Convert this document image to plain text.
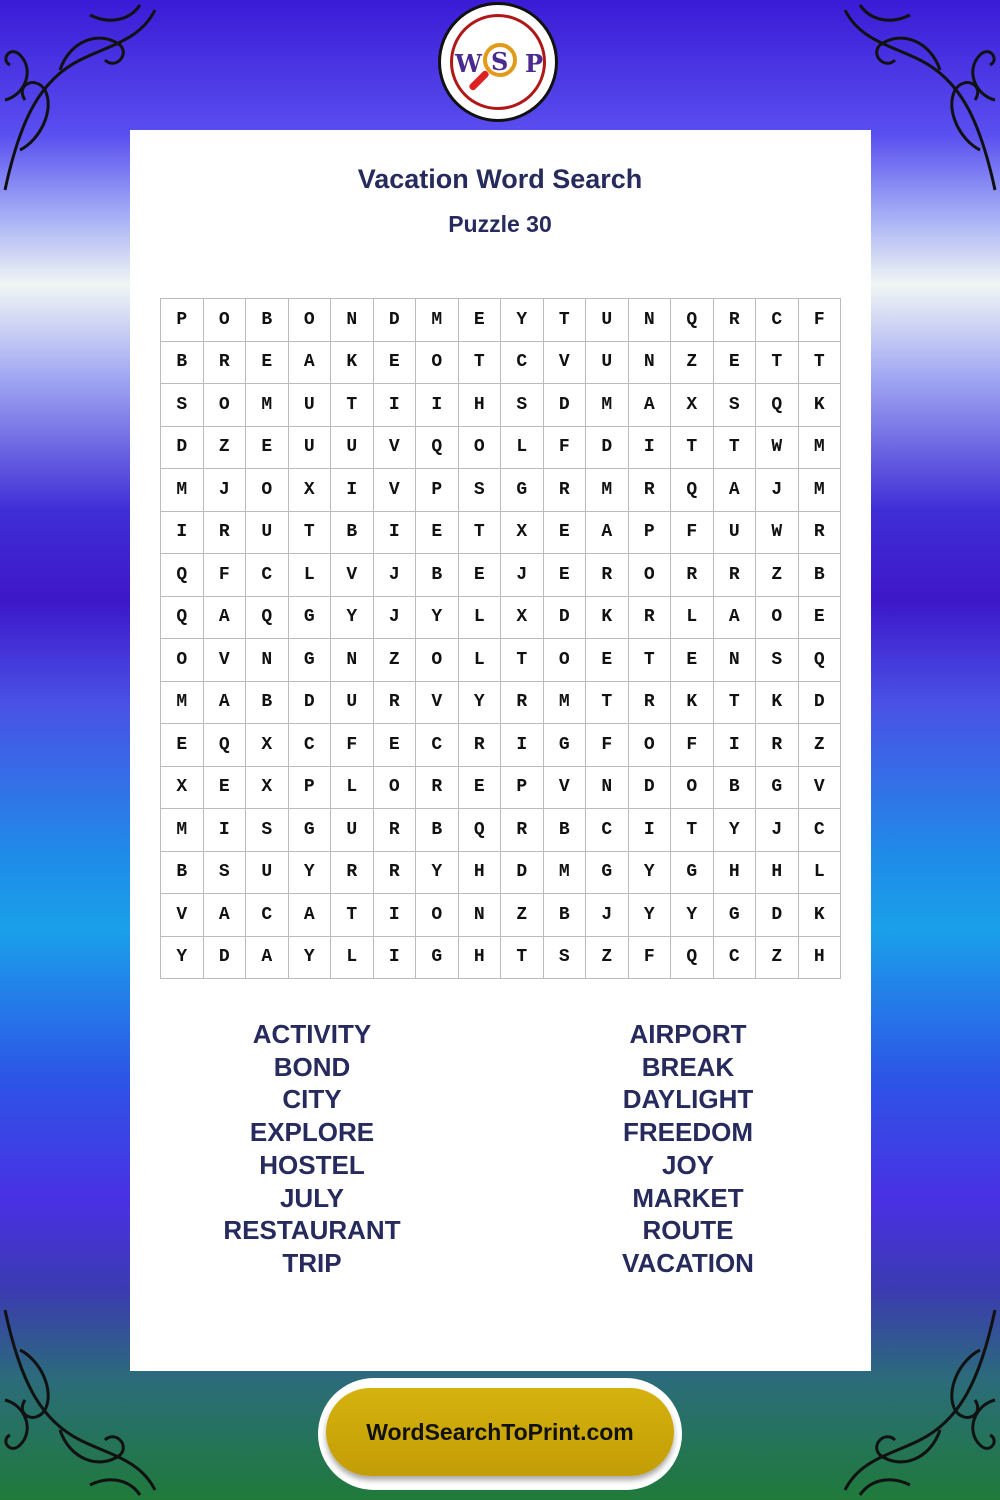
W S P
Vacation Word Search
Puzzle 30
P	O	B	O	N	D	M	E	Y	T	U	N	Q	R	C	F
B	R	E	A	K	E	O	T	C	V	U	N	Z	E	T	T
S	O	M	U	T	I	I	H	S	D	M	A	X	S	Q	K
D	Z	E	U	U	V	Q	O	L	F	D	I	T	T	W	M
M	J	O	X	I	V	P	S	G	R	M	R	Q	A	J	M
I	R	U	T	B	I	E	T	X	E	A	P	F	U	W	R
Q	F	C	L	V	J	B	E	J	E	R	O	R	R	Z	B
Q	A	Q	G	Y	J	Y	L	X	D	K	R	L	A	O	E
O	V	N	G	N	Z	O	L	T	O	E	T	E	N	S	Q
M	A	B	D	U	R	V	Y	R	M	T	R	K	T	K	D
E	Q	X	C	F	E	C	R	I	G	F	O	F	I	R	Z
X	E	X	P	L	O	R	E	P	V	N	D	O	B	G	V
M	I	S	G	U	R	B	Q	R	B	C	I	T	Y	J	C
B	S	U	Y	R	R	Y	H	D	M	G	Y	G	H	H	L
V	A	C	A	T	I	O	N	Z	B	J	Y	Y	G	D	K
Y	D	A	Y	L	I	G	H	T	S	Z	F	Q	C	Z	H
ACTIVITY
BOND
CITY
EXPLORE
HOSTEL
JULY
RESTAURANT
TRIP
AIRPORT
BREAK
DAYLIGHT
FREEDOM
JOY
MARKET
ROUTE
VACATION
WordSearchToPrint.com
